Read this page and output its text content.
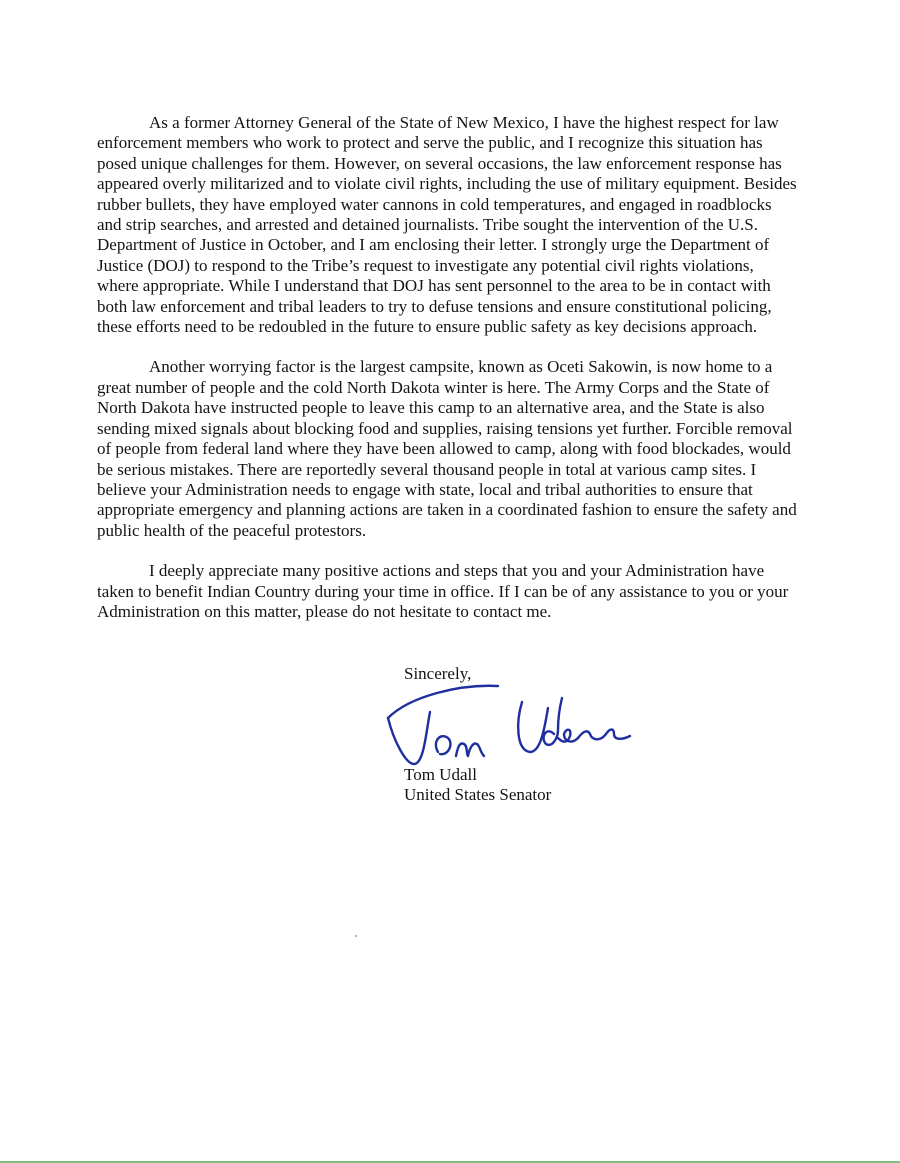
As a former Attorney General of the State of New Mexico, I have the highest respect for law enforcement members who work to protect and serve the public, and I recognize this situation has posed unique challenges for them. However, on several occasions, the law enforcement response has appeared overly militarized and to violate civil rights, including the use of military equipment. Besides rubber bullets, they have employed water cannons in cold temperatures, and engaged in roadblocks and strip searches, and arrested and detained journalists. Tribe sought the intervention of the U.S. Department of Justice in October, and I am enclosing their letter. I strongly urge the Department of Justice (DOJ) to respond to the Tribe’s request to investigate any potential civil rights violations, where appropriate. While I understand that DOJ has sent personnel to the area to be in contact with both law enforcement and tribal leaders to try to defuse tensions and ensure constitutional policing, these efforts need to be redoubled in the future to ensure public safety as key decisions approach.

Another worrying factor is the largest campsite, known as Oceti Sakowin, is now home to a great number of people and the cold North Dakota winter is here. The Army Corps and the State of North Dakota have instructed people to leave this camp to an alternative area, and the State is also sending mixed signals about blocking food and supplies, raising tensions yet further. Forcible removal of people from federal land where they have been allowed to camp, along with food blockades, would be serious mistakes. There are reportedly several thousand people in total at various camp sites. I believe your Administration needs to engage with state, local and tribal authorities to ensure that appropriate emergency and planning actions are taken in a coordinated fashion to ensure the safety and public health of the peaceful protestors.

I deeply appreciate many positive actions and steps that you and your Administration have taken to benefit Indian Country during your time in office. If I can be of any assistance to you or your Administration on this matter, please do not hesitate to contact me.

Sincerely,
Tom Udall
United States Senator
